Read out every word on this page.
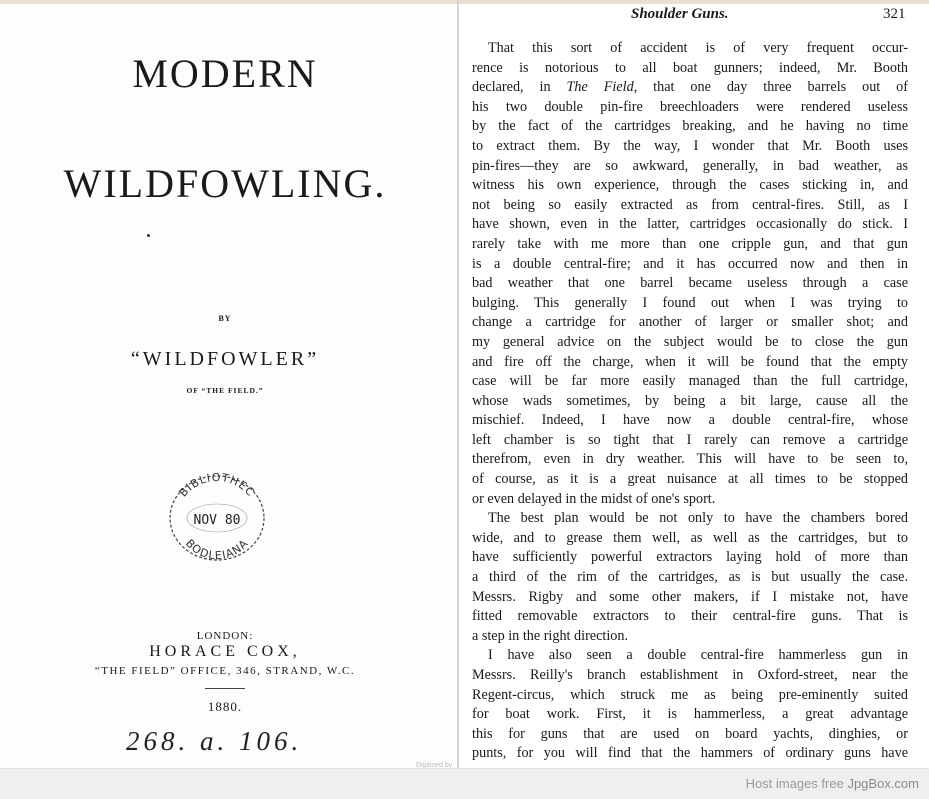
MODERN
WILDFOWLING.
BY
“WILDFOWLER”
OF “THE FIELD.”
BIBLIOTHEC
NOV 80
BODLEIANA
LONDON:
HORACE COX,
“THE FIELD” OFFICE, 346, STRAND, W.C.
1880.
268. a. 106.
Digitized by
Shoulder Guns.	321
That this sort of accident is of very frequent occur-
rence is notorious to all boat gunners; indeed, Mr. Booth
declared, in The Field, that one day three barrels out of
his two double pin-fire breechloaders were rendered useless
by the fact of the cartridges breaking, and he having no time
to extract them. By the way, I wonder that Mr. Booth uses
pin-fires—they are so awkward, generally, in bad weather, as
witness his own experience, through the cases sticking in, and
not being so easily extracted as from central-fires. Still, as I
have shown, even in the latter, cartridges occasionally do stick. I
rarely take with me more than one cripple gun, and that gun
is a double central-fire; and it has occurred now and then in
bad weather that one barrel became useless through a case
bulging. This generally I found out when I was trying to
change a cartridge for another of larger or smaller shot; and
my general advice on the subject would be to close the gun
and fire off the charge, when it will be found that the empty
case will be far more easily managed than the full cartridge,
whose wads sometimes, by being a bit large, cause all the
mischief. Indeed, I have now a double central-fire, whose
left chamber is so tight that I rarely can remove a cartridge
therefrom, even in dry weather. This will have to be seen to,
of course, as it is a great nuisance at all times to be stopped
or even delayed in the midst of one's sport.
The best plan would be not only to have the chambers bored
wide, and to grease them well, as well as the cartridges, but to
have sufficiently powerful extractors laying hold of more than
a third of the rim of the cartridges, as is but usually the case.
Messrs. Rigby and some other makers, if I mistake not, have
fitted removable extractors to their central-fire guns. That is
a step in the right direction.
I have also seen a double central-fire hammerless gun in
Messrs. Reilly's branch establishment in Oxford-street, near the
Regent-circus, which struck me as being pre-eminently suited
for boat work. First, it is hammerless, a great advantage
this for guns that are used on board yachts, dinghies, or
punts, for you will find that the hammers of ordinary guns have
Host images free JpgBox.com
